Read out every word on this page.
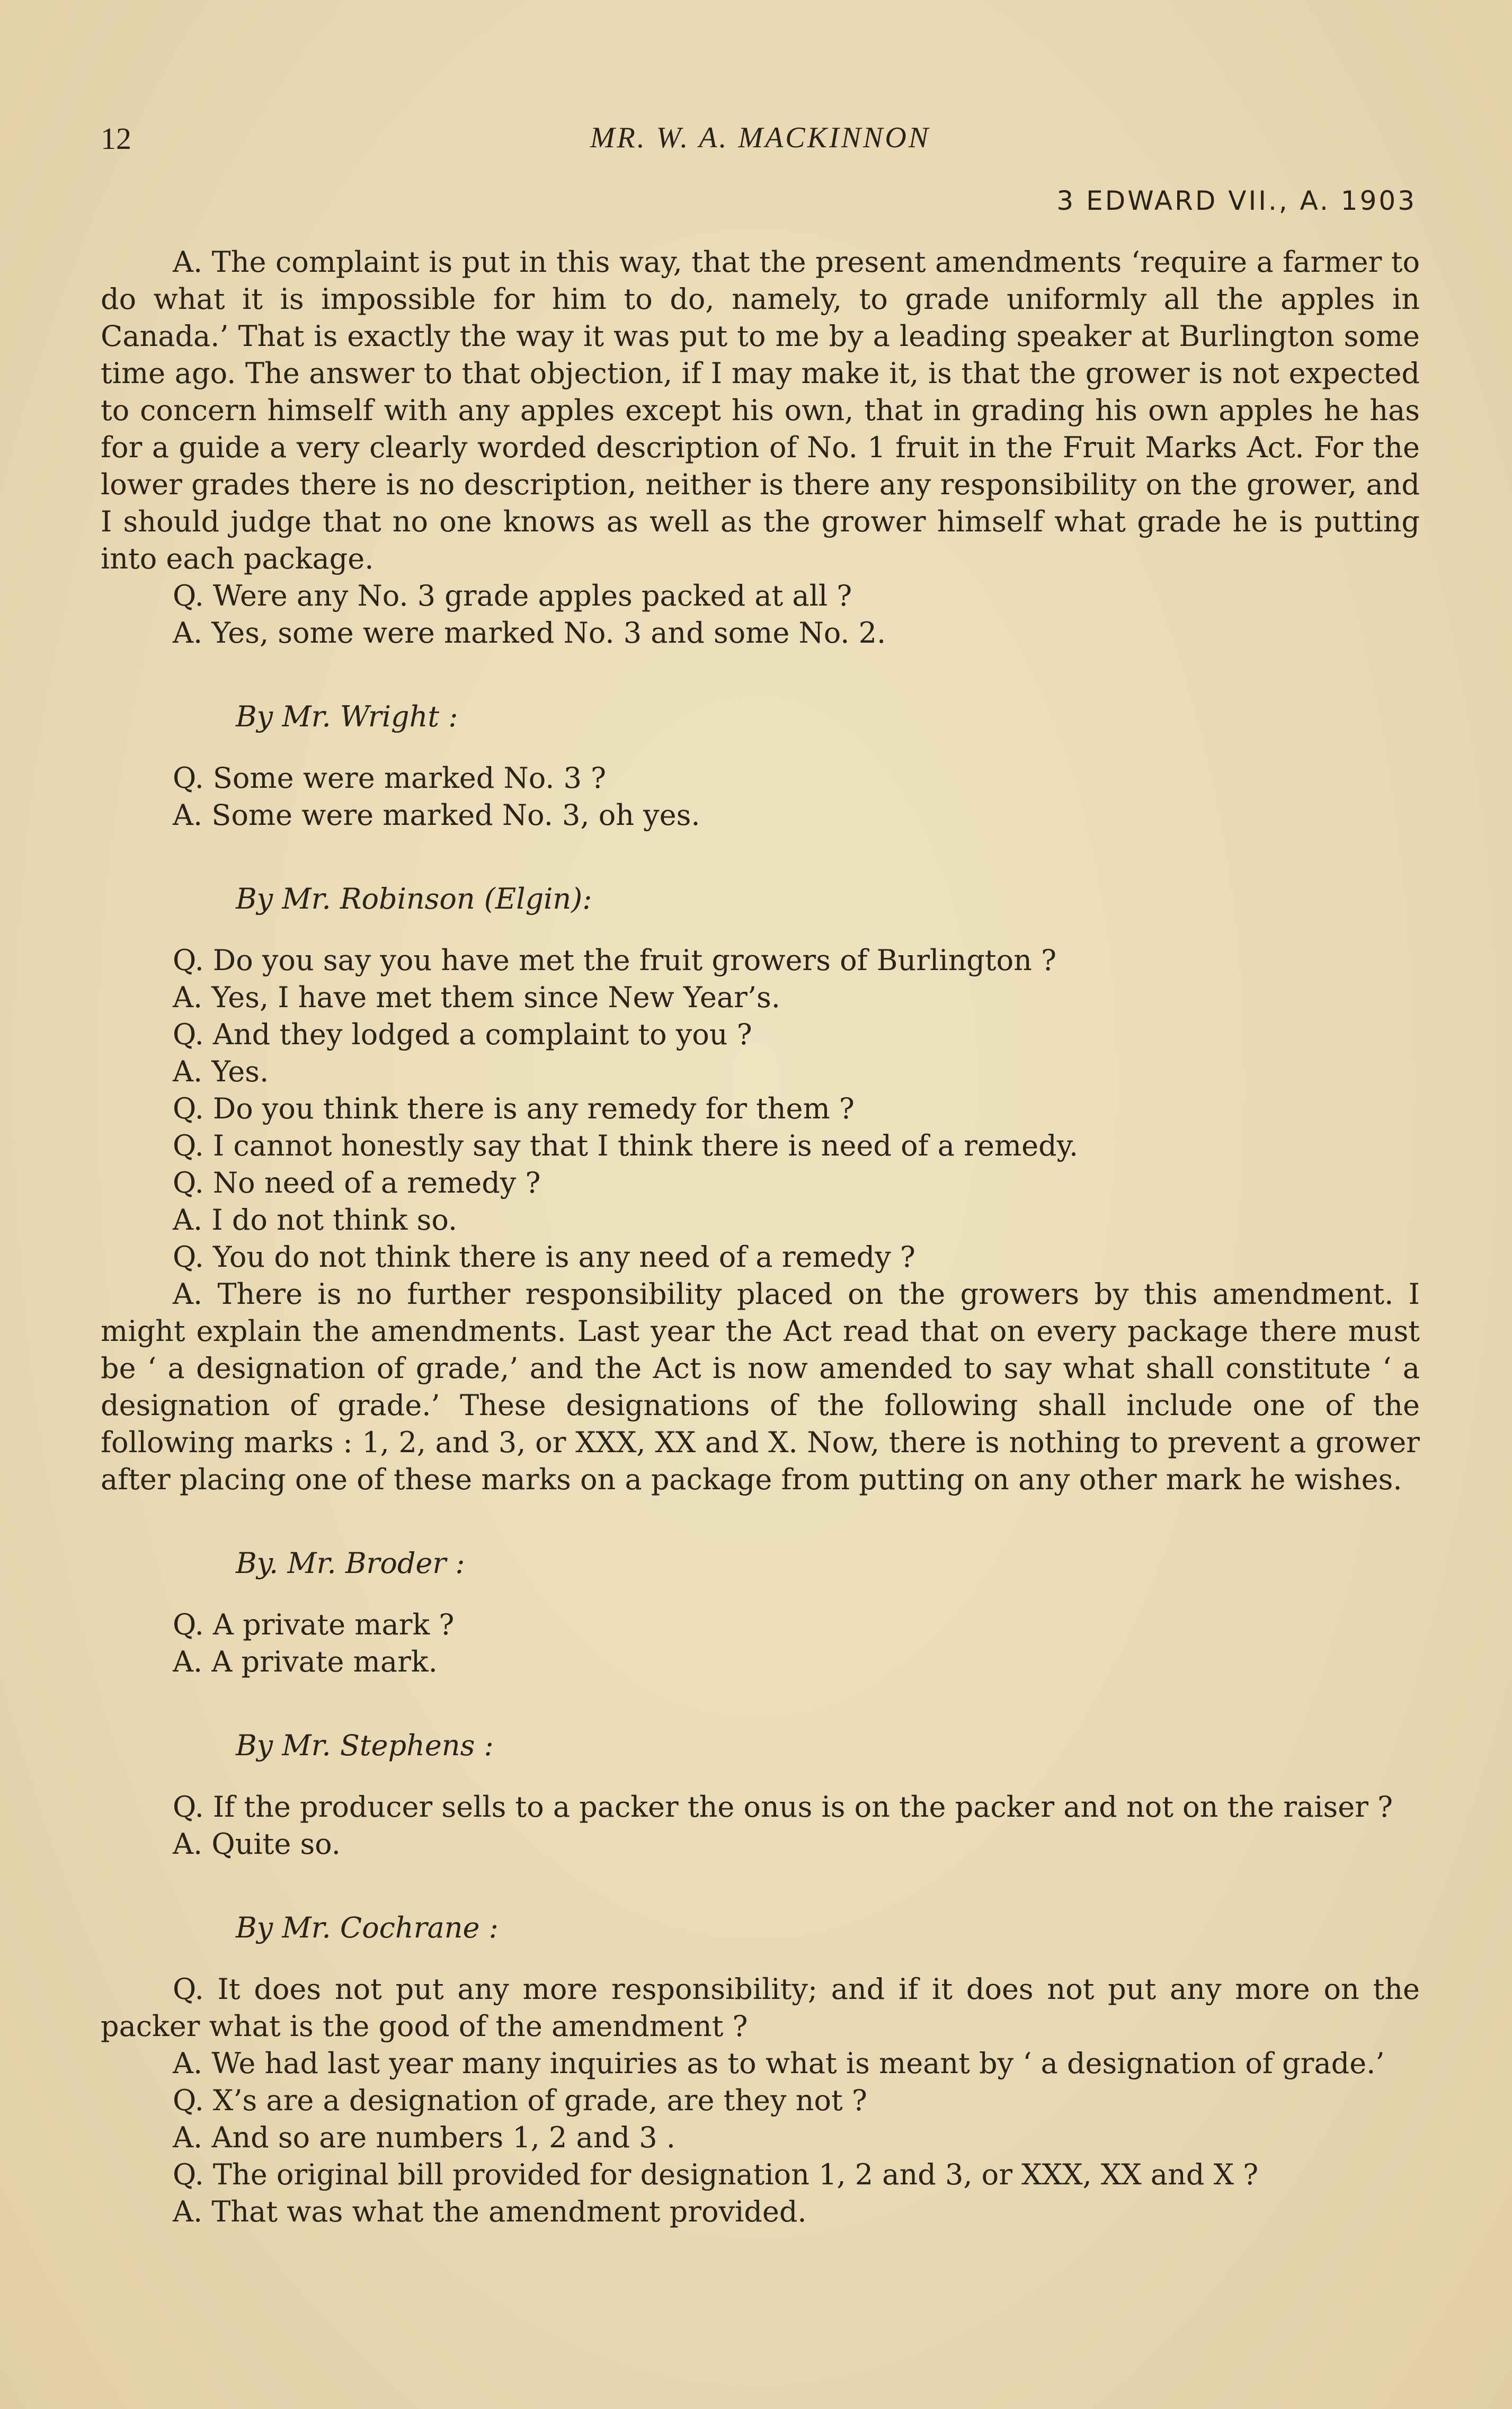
12	MR. W. A. MACKINNON
3 EDWARD VII., A. 1903

A. The complaint is put in this way, that the present amendments ‘require a farmer to do what it is impossible for him to do, namely, to grade uniformly all the apples in Canada.’ That is exactly the way it was put to me by a leading speaker at Burlington some time ago. The answer to that objection, if I may make it, is that the grower is not expected to concern himself with any apples except his own, that in grading his own apples he has for a guide a very clearly worded description of No. 1 fruit in the Fruit Marks Act. For the lower grades there is no description, neither is there any responsibility on the grower, and I should judge that no one knows as well as the grower himself what grade he is putting into each package.

Q. Were any No. 3 grade apples packed at all ?

A. Yes, some were marked No. 3 and some No. 2.

By Mr. Wright :

Q. Some were marked No. 3 ?

A. Some were marked No. 3, oh yes.

By Mr. Robinson (Elgin):

Q. Do you say you have met the fruit growers of Burlington ?

A. Yes, I have met them since New Year’s.

Q. And they lodged a complaint to you ?

A. Yes.

Q. Do you think there is any remedy for them ?

Q. I cannot honestly say that I think there is need of a remedy.

Q. No need of a remedy ?

A. I do not think so.

Q. You do not think there is any need of a remedy ?

A. There is no further responsibility placed on the growers by this amendment. I might explain the amendments. Last year the Act read that on every package there must be ‘ a designation of grade,’ and the Act is now amended to say what shall constitute ‘ a designation of grade.’ These designations of the following shall include one of the following marks : 1, 2, and 3, or XXX, XX and X. Now, there is nothing to prevent a grower after placing one of these marks on a package from putting on any other mark he wishes.

By. Mr. Broder :

Q. A private mark ?

A. A private mark.

By Mr. Stephens :

Q. If the producer sells to a packer the onus is on the packer and not on the raiser ?

A. Quite so.

By Mr. Cochrane :

Q. It does not put any more responsibility; and if it does not put any more on the packer what is the good of the amendment ?

A. We had last year many inquiries as to what is meant by ‘ a designation of grade.’

Q. X’s are a designation of grade, are they not ?

A. And so are numbers 1, 2 and 3 .

Q. The original bill provided for designation 1, 2 and 3, or XXX, XX and X ?

A. That was what the amendment provided.
